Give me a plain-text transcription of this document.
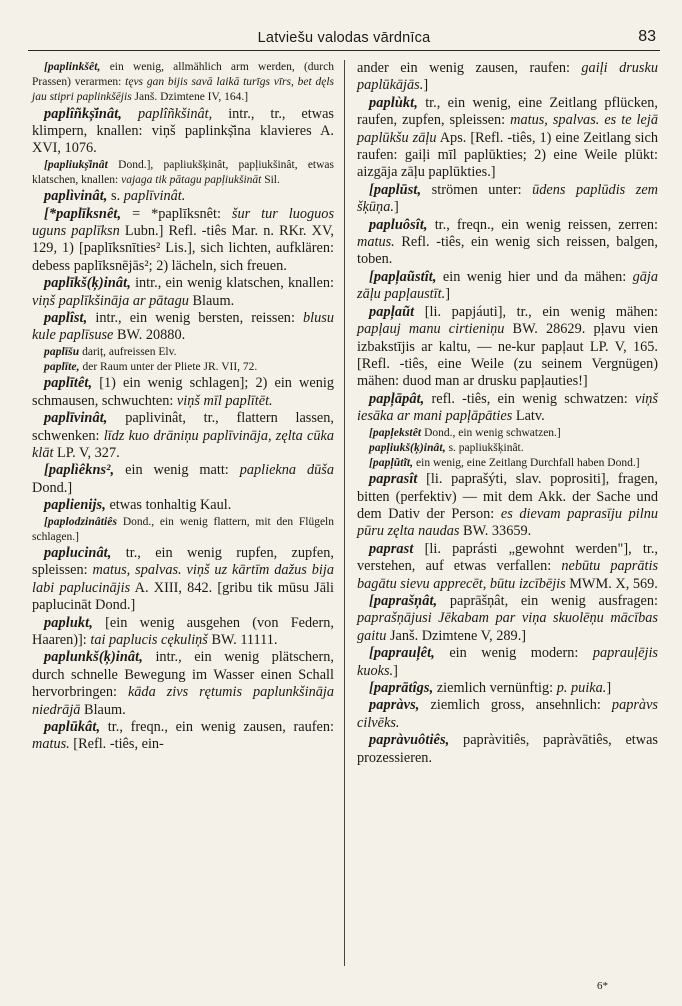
Latviešu valodas vārdnīca	83

[paplinkšêt, ein wenig, allmählich arm werden, (durch Prassen) verarmen: tęvs gan bijis savā laikā turīgs vīrs, bet dęls jau stipri paplinkšējis Janš. Dzimtene IV, 164.]

paplîñkș̌inât, paplîñkšinât, intr., tr., etwas klimpern, knallen: viņš paplinkș̌ina klavieres A. XVI, 1076.

[papliukș̌inât Dond.], papliukšķinât, papļiukšinât, etwas klatschen, knallen: vajaga tik pātagu papļiukšināt Sil.

paplìvinât, s. paplīvinât.

[*paplīksnêt, = *paplīksnêt: šur tur luoguos uguns paplīksn Lubn.] Refl. -tiês Mar. n. RKr. XV, 129, 1) [paplīksnīties² Lis.], sich lichten, aufklären: debess paplīksnējās²; 2) lächeln, sich freuen.

paplīkš(ķ)inât, intr., ein wenig klatschen, knallen: viņš paplīkšināja ar pātagu Blaum.

paplîst, intr., ein wenig bersten, reissen: blusu kule paplīsuse BW. 20880.

paplīšu dariț, aufreissen Elv.

paplīte, der Raum unter der Pliete JR. VII, 72.

paplītêt, [1) ein wenig schlagen]; 2) ein wenig schmausen, schwuchten: viņš mīl paplītēt.

paplīvinât, paplivinât, tr., flattern lassen, schwenken: līdz kuo drāniņu paplīvināja, zęlta cūka klāt LP. V, 327.

[paplìêkns², ein wenig matt: papliekna dūša Dond.]

paplienijs, etwas tonhaltig Kaul.

[paplodzinâtiês Dond., ein wenig flattern, mit den Flügeln schlagen.]

paplucinât, tr., ein wenig rupfen, zupfen, spleissen: matus, spalvas. viņš uz kārtīm dažus bija labi paplucinājis A. XIII, 842. [gribu tik mūsu Jāli paplucināt Dond.]

paplukt, [ein wenig ausgehen (von Federn, Haaren)]: tai paplucis cękuliņš BW. 11111.

paplunkš(ķ)inât, intr., ein wenig plätschern, durch schnelle Bewegung im Wasser einen Schall hervorbringen: kāda zivs rętumis paplunkšināja niedrājā Blaum.

paplūkât, tr., freqn., ein wenig zausen, raufen: matus. [Refl. -tiês, ein-

ander ein wenig zausen, raufen: gaiļi drusku paplūkājās.]

paplùkt, tr., ein wenig, eine Zeitlang pflücken, raufen, zupfen, spleissen: matus, spalvas. es te lejā paplūkšu zāļu Aps. [Refl. -tiês, 1) eine Zeitlang sich raufen: gaiļi mīl paplūkties; 2) eine Weile plūkt: aizgāja zāļu paplūkties.]

[paplūst, strömen unter: ūdens paplūdis zem šķūņa.]

papluôsît, tr., freqn., ein wenig reissen, zerren: matus. Refl. -tiês, ein wenig sich reissen, balgen, toben.

[papļaũstît, ein wenig hier und da mähen: gāja zāļu papļaustīt.]

papļaũt [li. papjáuti], tr., ein wenig mähen: papļauj manu cirtieniņu BW. 28629. pļavu vien izbakstījis ar kaltu, — ne-kur papļaut LP. V, 165. [Refl. -tiês, eine Weile (zu seinem Vergnügen) mähen: duod man ar drusku papļauties!]

papļāpât, refl. -tiês, ein wenig schwatzen: viņš iesāka ar mani papļāpāties Latv.

[papļekstêt Dond., ein wenig schwatzen.]

papļiukš(ķ)inât, s. papliukšķinât.

[papļũtĩt, ein wenig, eine Zeitlang Durchfall haben Dond.]

paprasît [li. paprašýti, slav. poprositi], fragen, bitten (perfektiv) — mit dem Akk. der Sache und dem Dativ der Person: es dievam paprasīju pilnu pūru zęlta naudas BW. 33659.

paprast [li. paprásti „gewohnt werden"], tr., verstehen, auf etwas verfallen: nebūtu paprātis bagātu sievu apprecēt, būtu izcībējis MWM. X, 569.

[paprašņât, paprāšņât, ein wenig ausfragen: paprašņājusi Jēkabam par viņa skuolēņu mācības gaitu Janš. Dzimtene V, 289.]

[paprauļêt, ein wenig modern: paprauļējis kuoks.]

[paprātîgs, ziemlich vernünftig: p. puika.]

papràvs, ziemlich gross, ansehnlich: papràvs cilvēks.

papràvuôtiês, papràvitiês, papràvātiês, etwas prozessieren.

6*
